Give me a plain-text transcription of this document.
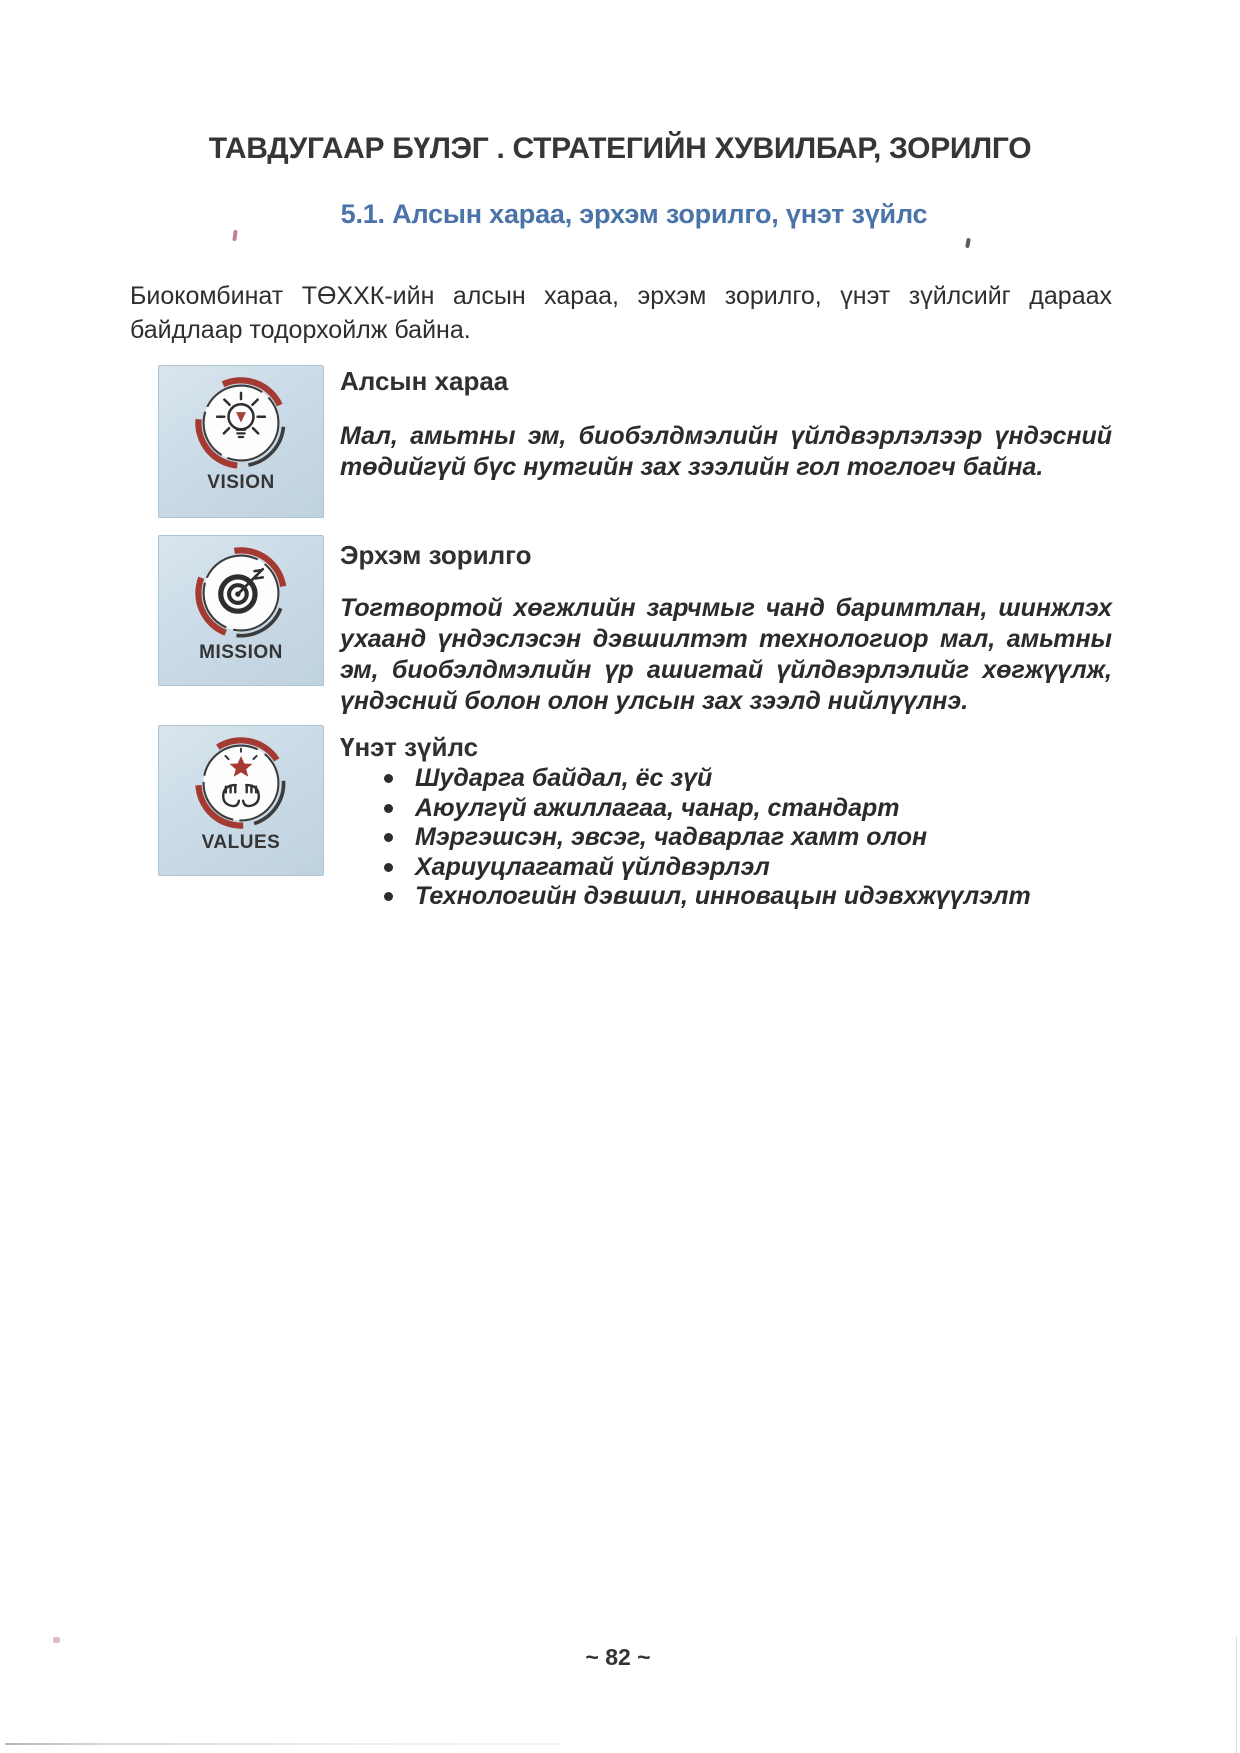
ТАВДУГААР БҮЛЭГ . СТРАТЕГИЙН ХУВИЛБАР, ЗОРИЛГО
5.1. Алсын хараа, эрхэм зорилго, үнэт зүйлс

Биокомбинат ТӨХХК-ийн алсын хараа, эрхэм зорилго, үнэт зүйлсийг дараах байдлаар тодорхойлж байна.

VISION
Алсын хараа
Мал, амьтны эм, биобэлдмэлийн үйлдвэрлэлээр үндэсний төдийгүй бүс нутгийн зах зээлийн гол тоглогч байна.
MISSION
Эрхэм зорилго
Тогтвортой хөгжлийн зарчмыг чанд баримтлан, шинжлэх ухаанд үндэслэсэн дэвшилтэт технологиор мал, амьтны эм, биобэлдмэлийн үр ашигтай үйлдвэрлэлийг хөгжүүлж, үндэсний болон олон улсын зах зээлд нийлүүлнэ.
VALUES
Үнэт зүйлс
Шударга байдал, ёс зүй
Аюулгүй ажиллагаа, чанар, стандарт
Мэргэшсэн, эвсэг, чадварлаг хамт олон
Хариуцлагатай үйлдвэрлэл
Технологийн дэвшил, инновацын идэвхжүүлэлт
~ 82 ~
